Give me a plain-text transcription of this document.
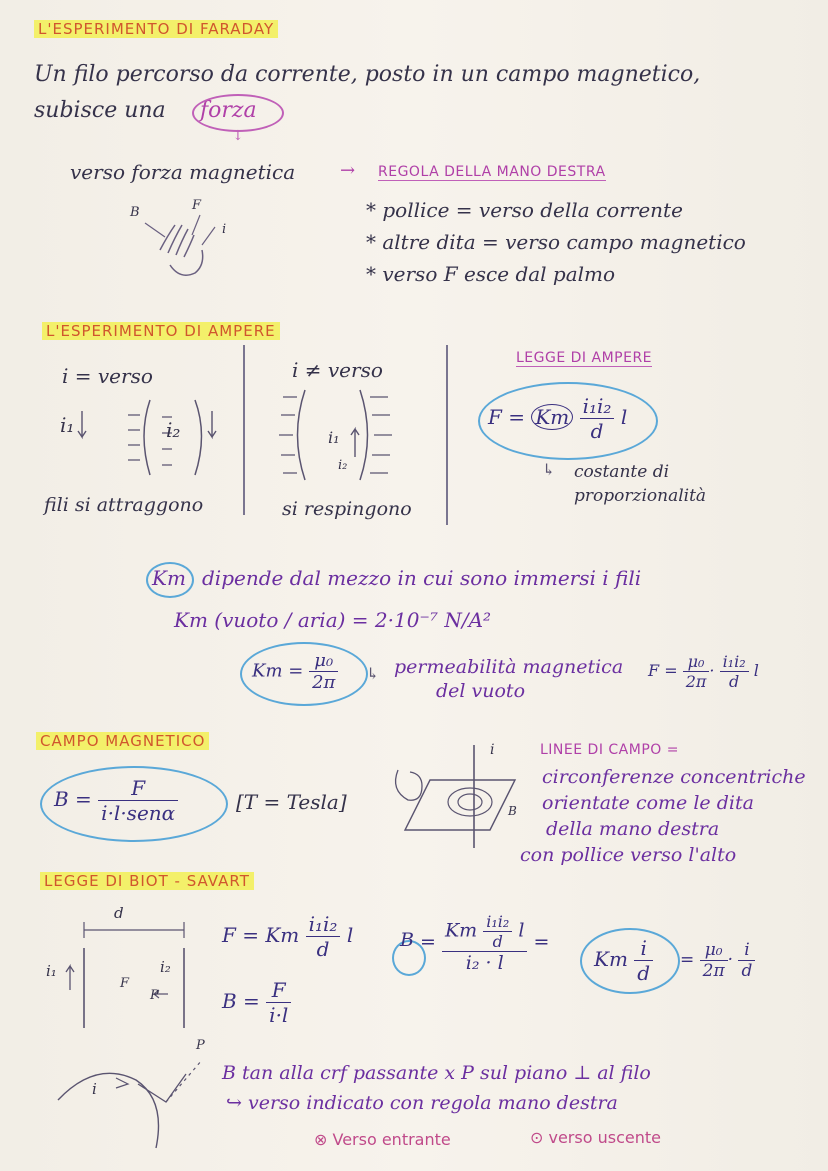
L'ESPERIMENTO DI FARADAY
Un filo percorso da corrente, posto in un campo magnetico,
subisce una forza
↓
verso forza magnetica → REGOLA DELLA MANO DESTRA
B	F
i
* pollice = verso della corrente
* altre dita = verso campo magnetico
* verso F esce dal palmo
L'ESPERIMENTO DI AMPERE
i = verso	i ≠ verso
i₁	i₂	i₁
i₂
fili si attraggono	si respingono
LEGGE DI AMPERE
F = Km $\frac{\text{i₁i₂}}{d}$ l
↳ costante di
proporzionalità
Km dipende dal mezzo in cui sono immersi i fili
Km (vuoto / aria) = 2·10⁻⁷ N/A²
$Km = \frac{\text{μ₀}}{2\pi}$ ↳ permeabilità magnetica
del vuoto
$F = \frac{\text{μ₀}}{2\pi} \cdot \frac{\text{i₁i₂}}{d}$ l
CAMPO MAGNETICO
$B = \frac{F}{\text{i·l·senα}}$	[T = Tesla]
i
B
LINEE DI CAMPO =
circonferenze concentriche
orientate come le dita
della mano destra
con pollice verso l'alto
LEGGE DI BIOT - SAVART
d
i₁	i₂
F
P
F = Km $\frac{\text{i₁i₂}}{d}$ l
$B = \frac{F}{i\cdot l}$
$B = \frac{Km \frac{\text{i₁i₂}}{d} l}{\text{i₂ · l}}$ =
Km $\frac{i}{d} = \frac{\text{μ₀}}{2\pi} \cdot \frac{i}{d}$
i
P
B tan alla crf passante x P sul piano ⊥ al filo
↪ verso indicato con regola mano destra
⊗ Verso entrante	⊙ verso uscente
